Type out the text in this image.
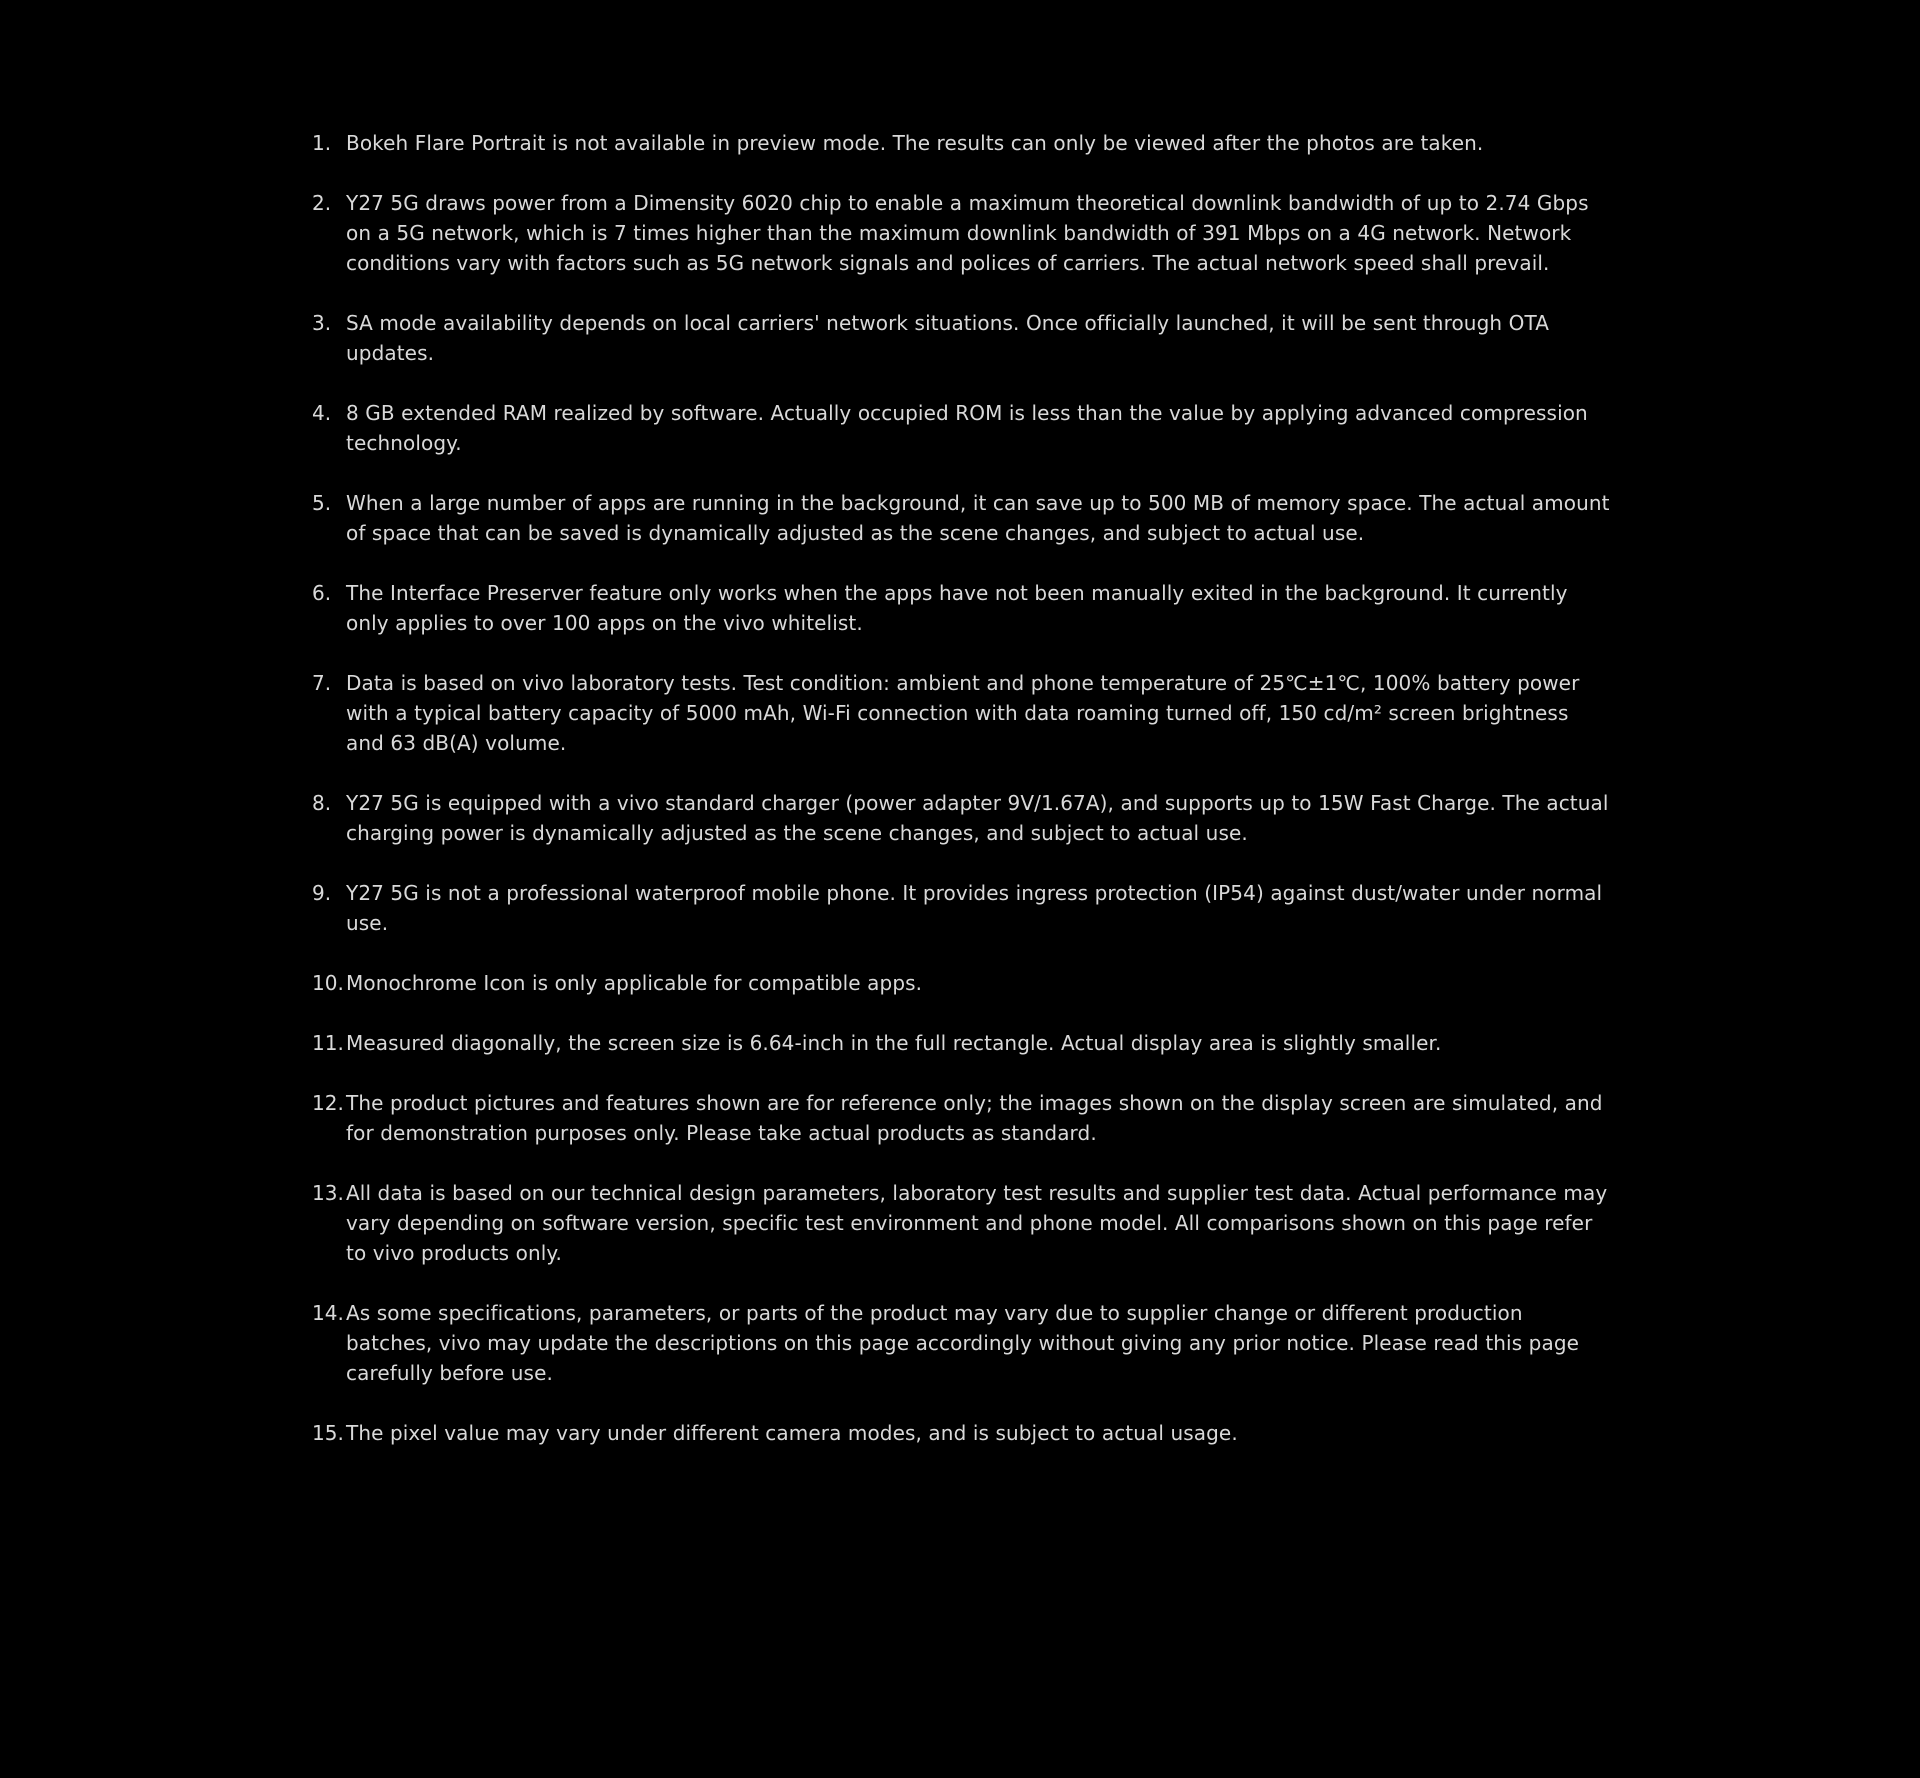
1. Bokeh Flare Portrait is not available in preview mode. The results can only be viewed after the photos are taken.
2. Y27 5G draws power from a Dimensity 6020 chip to enable a maximum theoretical downlink bandwidth of up to 2.74 Gbps on a 5G network, which is 7 times higher than the maximum downlink bandwidth of 391 Mbps on a 4G network. Network conditions vary with factors such as 5G network signals and polices of carriers. The actual network speed shall prevail.
3. SA mode availability depends on local carriers' network situations. Once officially launched, it will be sent through OTA updates.
4. 8 GB extended RAM realized by software. Actually occupied ROM is less than the value by applying advanced compression technology.
5. When a large number of apps are running in the background, it can save up to 500 MB of memory space. The actual amount of space that can be saved is dynamically adjusted as the scene changes, and subject to actual use.
6. The Interface Preserver feature only works when the apps have not been manually exited in the background. It currently only applies to over 100 apps on the vivo whitelist.
7. Data is based on vivo laboratory tests. Test condition: ambient and phone temperature of 25℃±1℃, 100% battery power with a typical battery capacity of 5000 mAh, Wi-Fi connection with data roaming turned off, 150 cd/m² screen brightness and 63 dB(A) volume.
8. Y27 5G is equipped with a vivo standard charger (power adapter 9V/1.67A), and supports up to 15W Fast Charge. The actual charging power is dynamically adjusted as the scene changes, and subject to actual use.
9. Y27 5G is not a professional waterproof mobile phone. It provides ingress protection (IP54) against dust/water under normal use.
10. Monochrome Icon is only applicable for compatible apps.
11. Measured diagonally, the screen size is 6.64-inch in the full rectangle. Actual display area is slightly smaller.
12. The product pictures and features shown are for reference only; the images shown on the display screen are simulated, and for demonstration purposes only. Please take actual products as standard.
13. All data is based on our technical design parameters, laboratory test results and supplier test data. Actual performance may vary depending on software version, specific test environment and phone model. All comparisons shown on this page refer to vivo products only.
14. As some specifications, parameters, or parts of the product may vary due to supplier change or different production batches, vivo may update the descriptions on this page accordingly without giving any prior notice. Please read this page carefully before use.
15. The pixel value may vary under different camera modes, and is subject to actual usage.
